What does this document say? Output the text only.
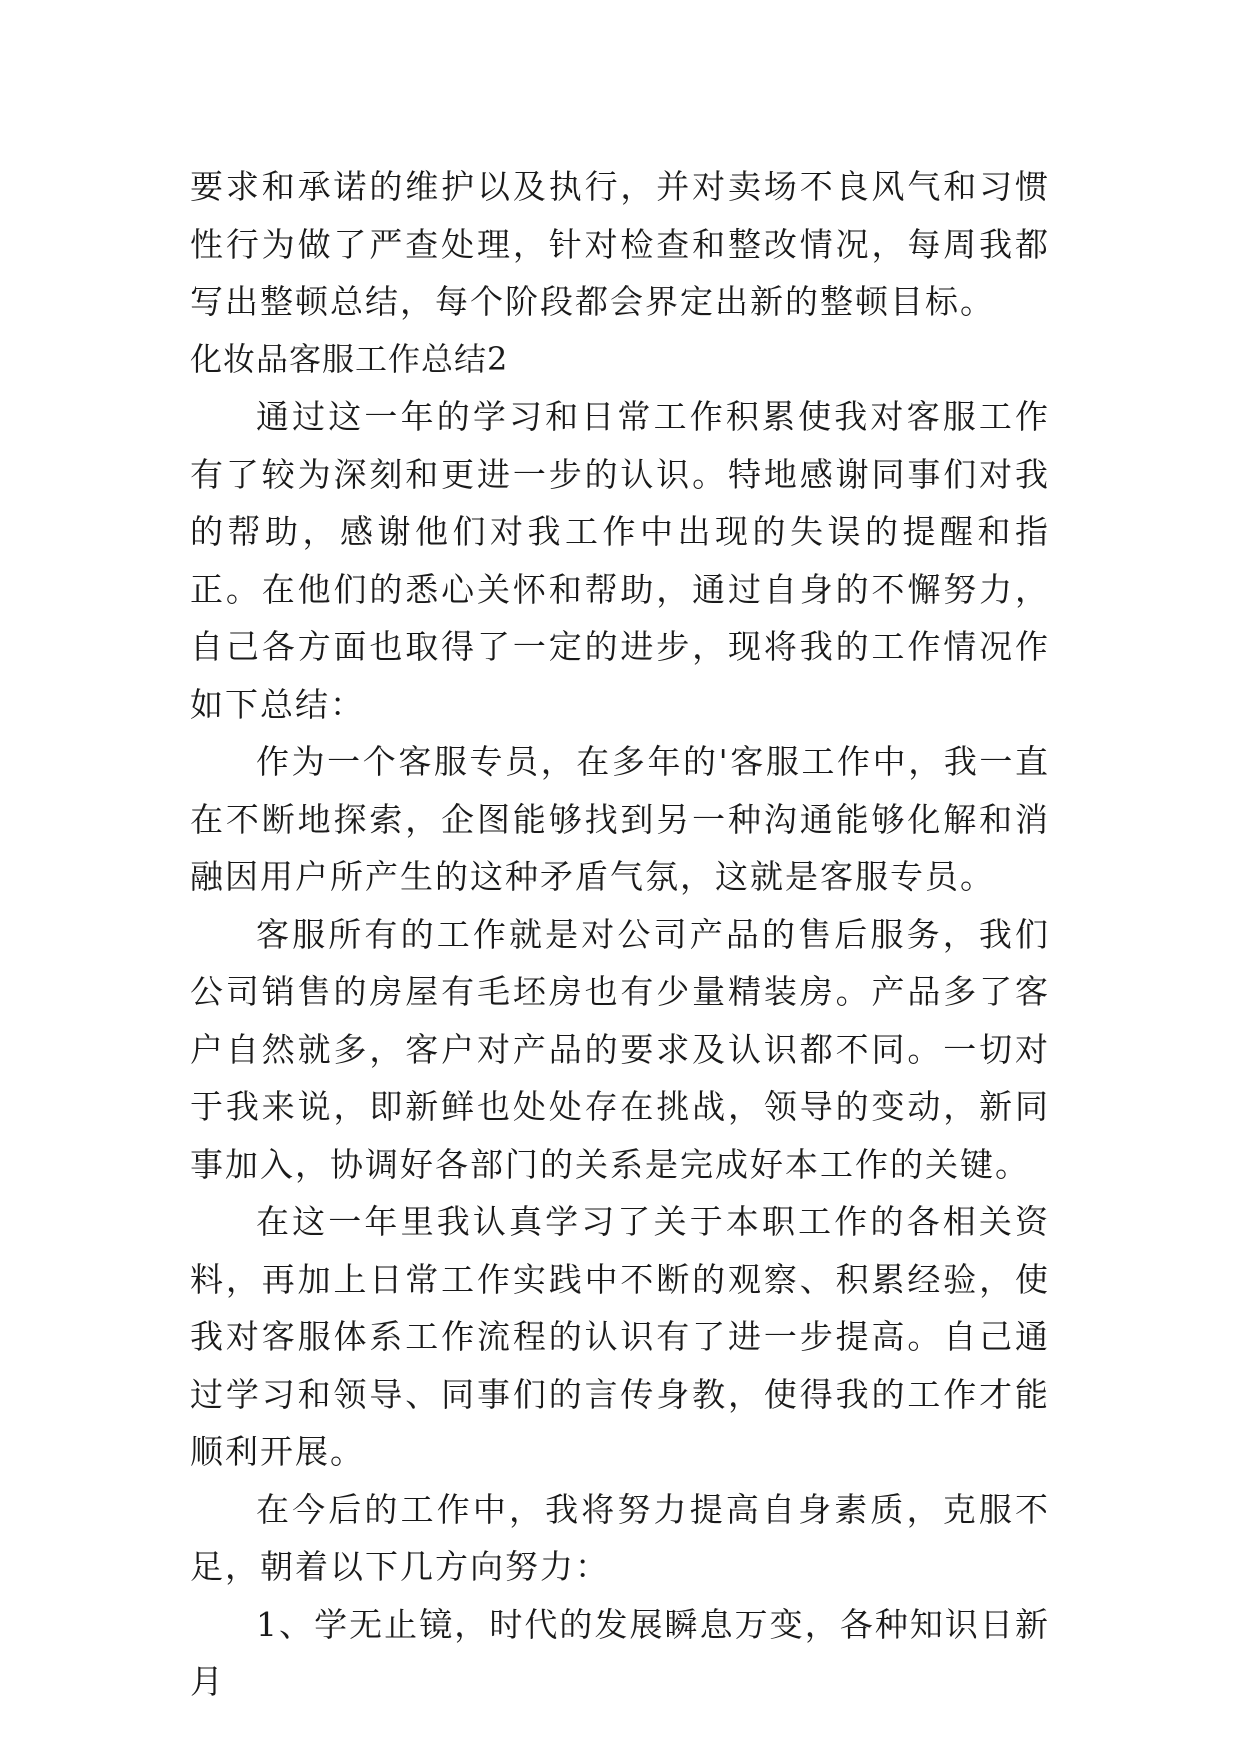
要求和承诺的维护以及执行，并对卖场不良风气和习惯性行为做了严查处理，针对检查和整改情况，每周我都写出整顿总结，每个阶段都会界定出新的整顿目标。

化妆品客服工作总结2

通过这一年的学习和日常工作积累使我对客服工作有了较为深刻和更进一步的认识。特地感谢同事们对我的帮助，感谢他们对我工作中出现的失误的提醒和指正。在他们的悉心关怀和帮助，通过自身的不懈努力，自己各方面也取得了一定的进步，现将我的工作情况作如下总结：

作为一个客服专员，在多年的'客服工作中，我一直在不断地探索，企图能够找到另一种沟通能够化解和消融因用户所产生的这种矛盾气氛，这就是客服专员。

客服所有的工作就是对公司产品的售后服务，我们公司销售的房屋有毛坯房也有少量精装房。产品多了客户自然就多，客户对产品的要求及认识都不同。一切对于我来说，即新鲜也处处存在挑战，领导的变动，新同事加入，协调好各部门的关系是完成好本工作的关键。

在这一年里我认真学习了关于本职工作的各相关资料，再加上日常工作实践中不断的观察、积累经验，使我对客服体系工作流程的认识有了进一步提高。自己通过学习和领导、同事们的言传身教，使得我的工作才能顺利开展。

在今后的工作中，我将努力提高自身素质，克服不足，朝着以下几方向努力：

1、学无止镜，时代的发展瞬息万变，各种知识日新月
